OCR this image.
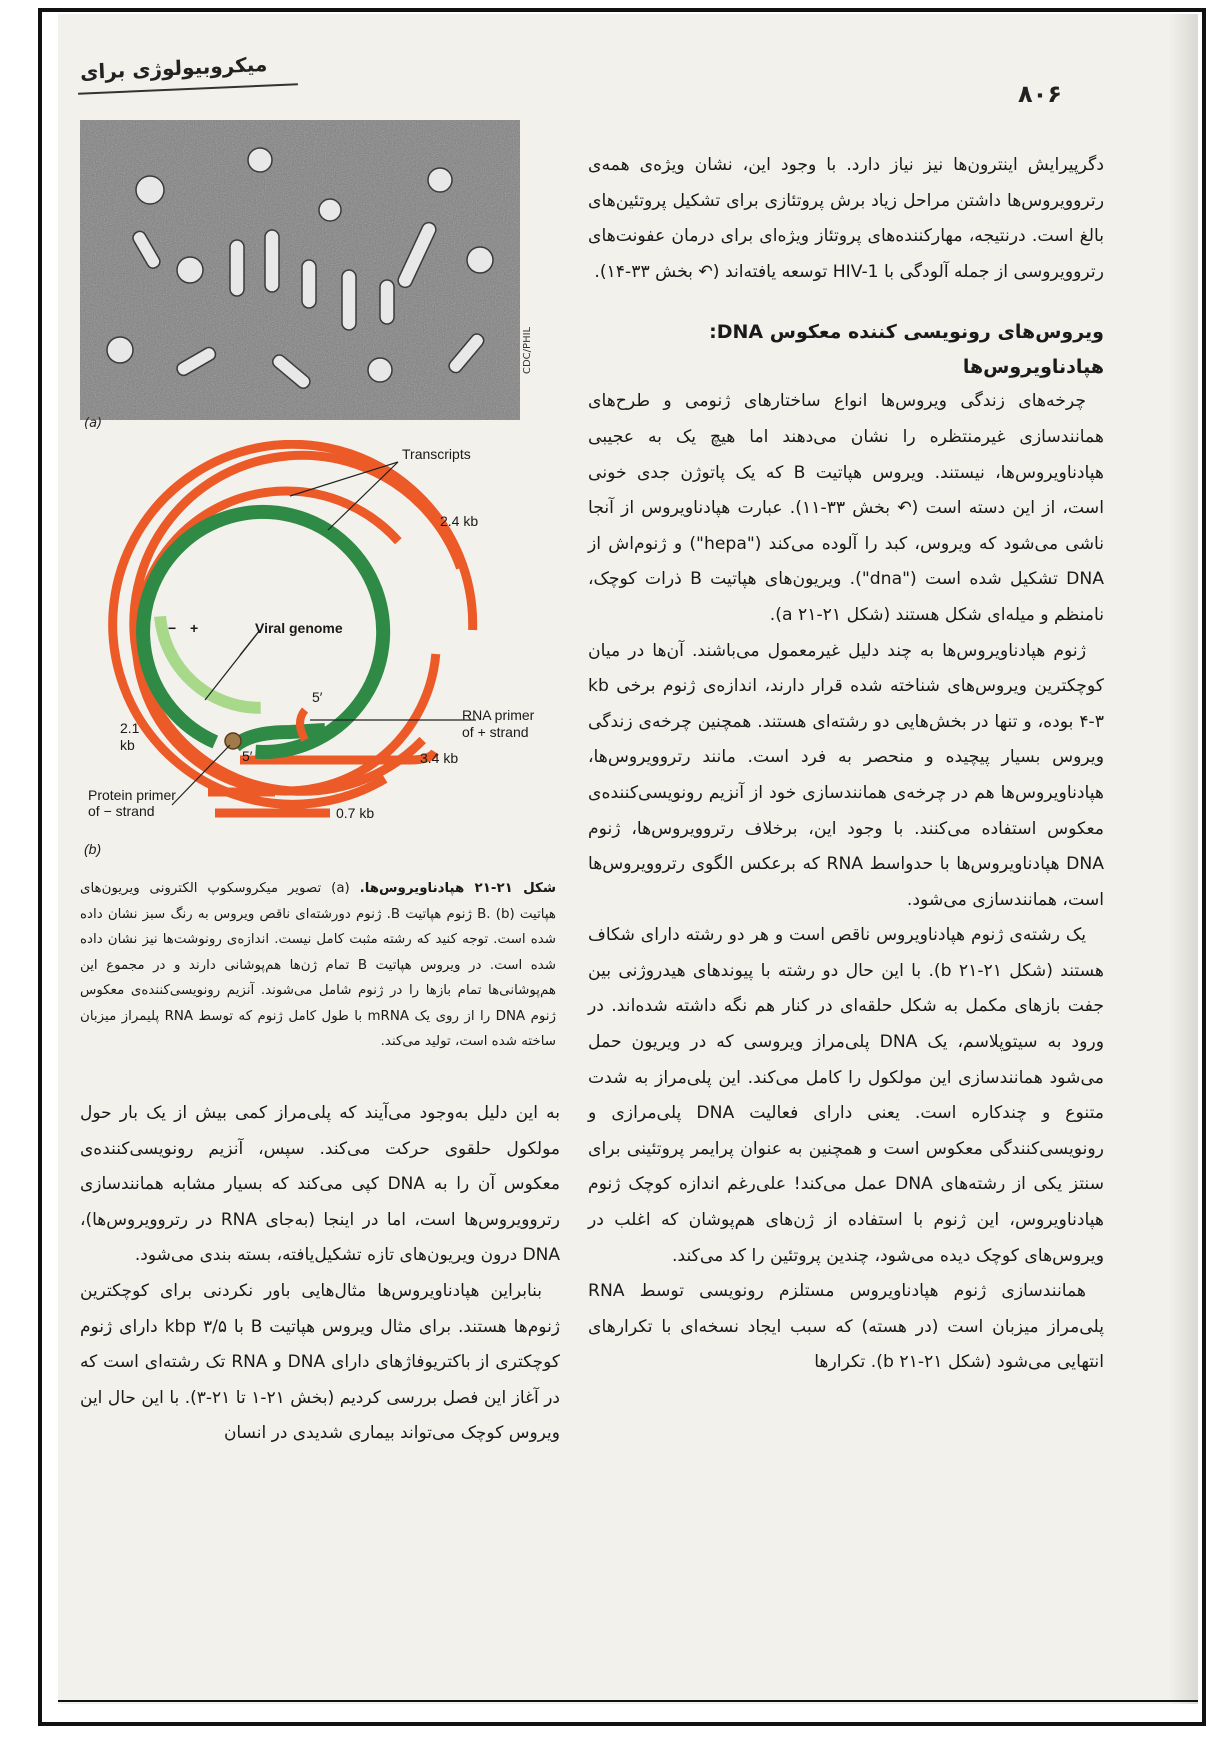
میکروبیولوژی برای
۸۰۶

دگرپیرایش اینترون‌ها نیز نیاز دارد. با وجود این، نشان ویژه‌ی همه‌ی رتروویروس‌ها داشتن مراحل زیاد برش پروتئازی برای تشکیل پروتئین‌های بالغ است. درنتیجه، مهارکننده‌های پروتئاز ویژه‌ای برای درمان عفونت‌های رتروویروسی از جمله آلودگی با HIV-1 توسعه یافته‌اند (↶ بخش ۳۳-۱۴).

ویروس‌های رونویسی کننده معکوس DNA:
هپادناویروس‌ها

چرخه‌های زندگی ویروس‌ها انواع ساختارهای ژنومی و طرح‌های همانندسازی غیرمنتظره را نشان می‌دهند اما هیچ یک به عجیبی هپادناویروس‌ها، نیستند. ویروس هپاتیت B که یک پاتوژن جدی خونی است، از این دسته است (↶ بخش ۳۳-۱۱). عبارت هپادناویروس از آنجا ناشی می‌شود که ویروس، کبد را آلوده می‌کند ("hepa") و ژنوم‌اش از DNA تشکیل شده است ("dna"). ویریون‌های هپاتیت B ذرات کوچک، نامنظم و میله‌ای شکل هستند (شکل ۲۱-۲۱ a).

ژنوم هپادناویروس‌ها به چند دلیل غیرمعمول می‌باشند. آن‌ها در میان کوچکترین ویروس‌های شناخته شده قرار دارند، اندازه‌ی ژنوم برخی kb ۴-۳ بوده، و تنها در بخش‌هایی دو رشته‌ای هستند. همچنین چرخه‌ی زندگی ویروس بسیار پیچیده و منحصر به فرد است. مانند رتروویروس‌ها، هپادناویروس‌ها هم در چرخه‌ی همانندسازی خود از آنزیم رونویسی‌کننده‌ی معکوس استفاده می‌کنند. با وجود این، برخلاف رتروویروس‌ها، ژنوم DNA هپادناویروس‌ها با حدواسط RNA که برعکس الگوی رتروویروس‌ها است، همانندسازی می‌شود.

یک رشته‌ی ژنوم هپادناویروس ناقص است و هر دو رشته دارای شکاف هستند (شکل ۲۱-۲۱ b). با این حال دو رشته با پیوندهای هیدروژنی بین جفت بازهای مکمل به شکل حلقه‌ای در کنار هم نگه داشته شده‌اند. در ورود به سیتوپلاسم، یک DNA پلی‌مراز ویروسی که در ویریون حمل می‌شود همانندسازی این مولکول را کامل می‌کند. این پلی‌مراز به شدت متنوع و چندکاره است. یعنی دارای فعالیت DNA پلی‌مرازی و رونویسی‌کنندگی معکوس است و همچنین به عنوان پرایمر پروتئینی برای سنتز یکی از رشته‌های DNA عمل می‌کند! علی‌رغم اندازه کوچک ژنوم هپادناویروس، این ژنوم با استفاده از ژن‌های هم‌پوشان که اغلب در ویروس‌های کوچک دیده می‌شود، چندین پروتئین را کد می‌کند.

همانندسازی ژنوم هپادناویروس مستلزم رونویسی توسط RNA پلی‌مراز میزبان است (در هسته) که سبب ایجاد نسخه‌ای با تکرارهای انتهایی می‌شود (شکل ۲۱-۲۱ b). تکرارها

CDC/PHIL
(a)
Transcripts
2.4 kb
Viral genome
+
−
5′
5′
RNA primer
of + strand
2.1
kb
3.4 kb
Protein primer
of − strand	0.7 kb
(b)
شکل ۲۱-۲۱ هپادناویروس‌ها. (a) تصویر میکروسکوپ الکترونی ویریون‌های هپاتیت B. (b) ژنوم هپاتیت B. ژنوم دورشته‌ای ناقص ویروس به رنگ سبز نشان داده شده است. توجه کنید که رشته مثبت کامل نیست. اندازه‌ی رونوشت‌ها نیز نشان داده شده است. در ویروس هپاتیت B تمام ژن‌ها هم‌پوشانی دارند و در مجموع این هم‌پوشانی‌ها تمام بازها را در ژنوم شامل می‌شوند. آنزیم رونویسی‌کننده‌ی معکوس ژنوم DNA را از روی یک mRNA با طول کامل ژنوم که توسط RNA پلیمراز میزبان ساخته شده است، تولید می‌کند.

به این دلیل به‌وجود می‌آیند که پلی‌مراز کمی بیش از یک بار حول مولکول حلقوی حرکت می‌کند. سپس، آنزیم رونویسی‌کننده‌ی معکوس آن را به DNA کپی می‌کند که بسیار مشابه همانندسازی رتروویروس‌ها است، اما در اینجا (به‌جای RNA در رتروویروس‌ها)، DNA درون ویریون‌های تازه تشکیل‌یافته، بسته بندی می‌شود.

بنابراین هپادناویروس‌ها مثال‌هایی باور نکردنی برای کوچکترین ژنوم‌ها هستند. برای مثال ویروس هپاتیت B با kbp ۳/۵ دارای ژنوم کوچکتری از باکتریوفاژهای دارای DNA و RNA تک رشته‌ای است که در آغاز این فصل بررسی کردیم (بخش ۲۱-۱ تا ۲۱-۳). با این حال این ویروس کوچک می‌تواند بیماری شدیدی در انسان
